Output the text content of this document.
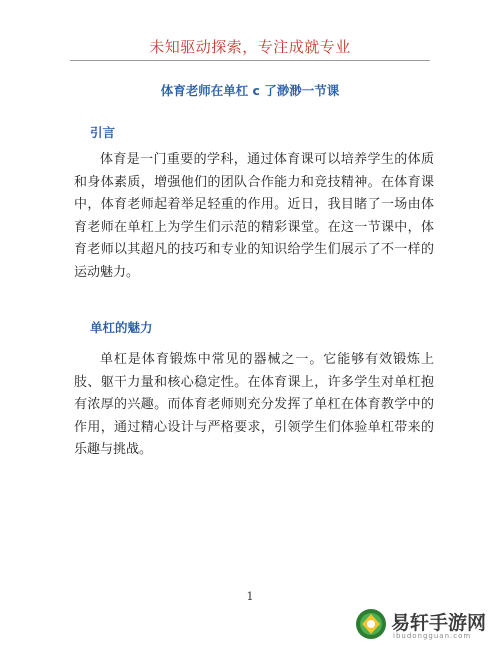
未知驱动探索，专注成就专业
体育老师在单杠 c 了渺渺一节课
引言

体育是一门重要的学科，通过体育课可以培养学生的体质和身体素质，增强他们的团队合作能力和竞技精神。在体育课中，体育老师起着举足轻重的作用。近日，我目睹了一场由体育老师在单杠上为学生们示范的精彩课堂。在这一节课中，体育老师以其超凡的技巧和专业的知识给学生们展示了不一样的运动魅力。

单杠的魅力

单杠是体育锻炼中常见的器械之一。它能够有效锻炼上肢、躯干力量和核心稳定性。在体育课上，许多学生对单杠抱有浓厚的兴趣。而体育老师则充分发挥了单杠在体育教学中的作用，通过精心设计与严格要求，引领学生们体验单杠带来的乐趣与挑战。

1
易轩手游网
ibudongguan.com
